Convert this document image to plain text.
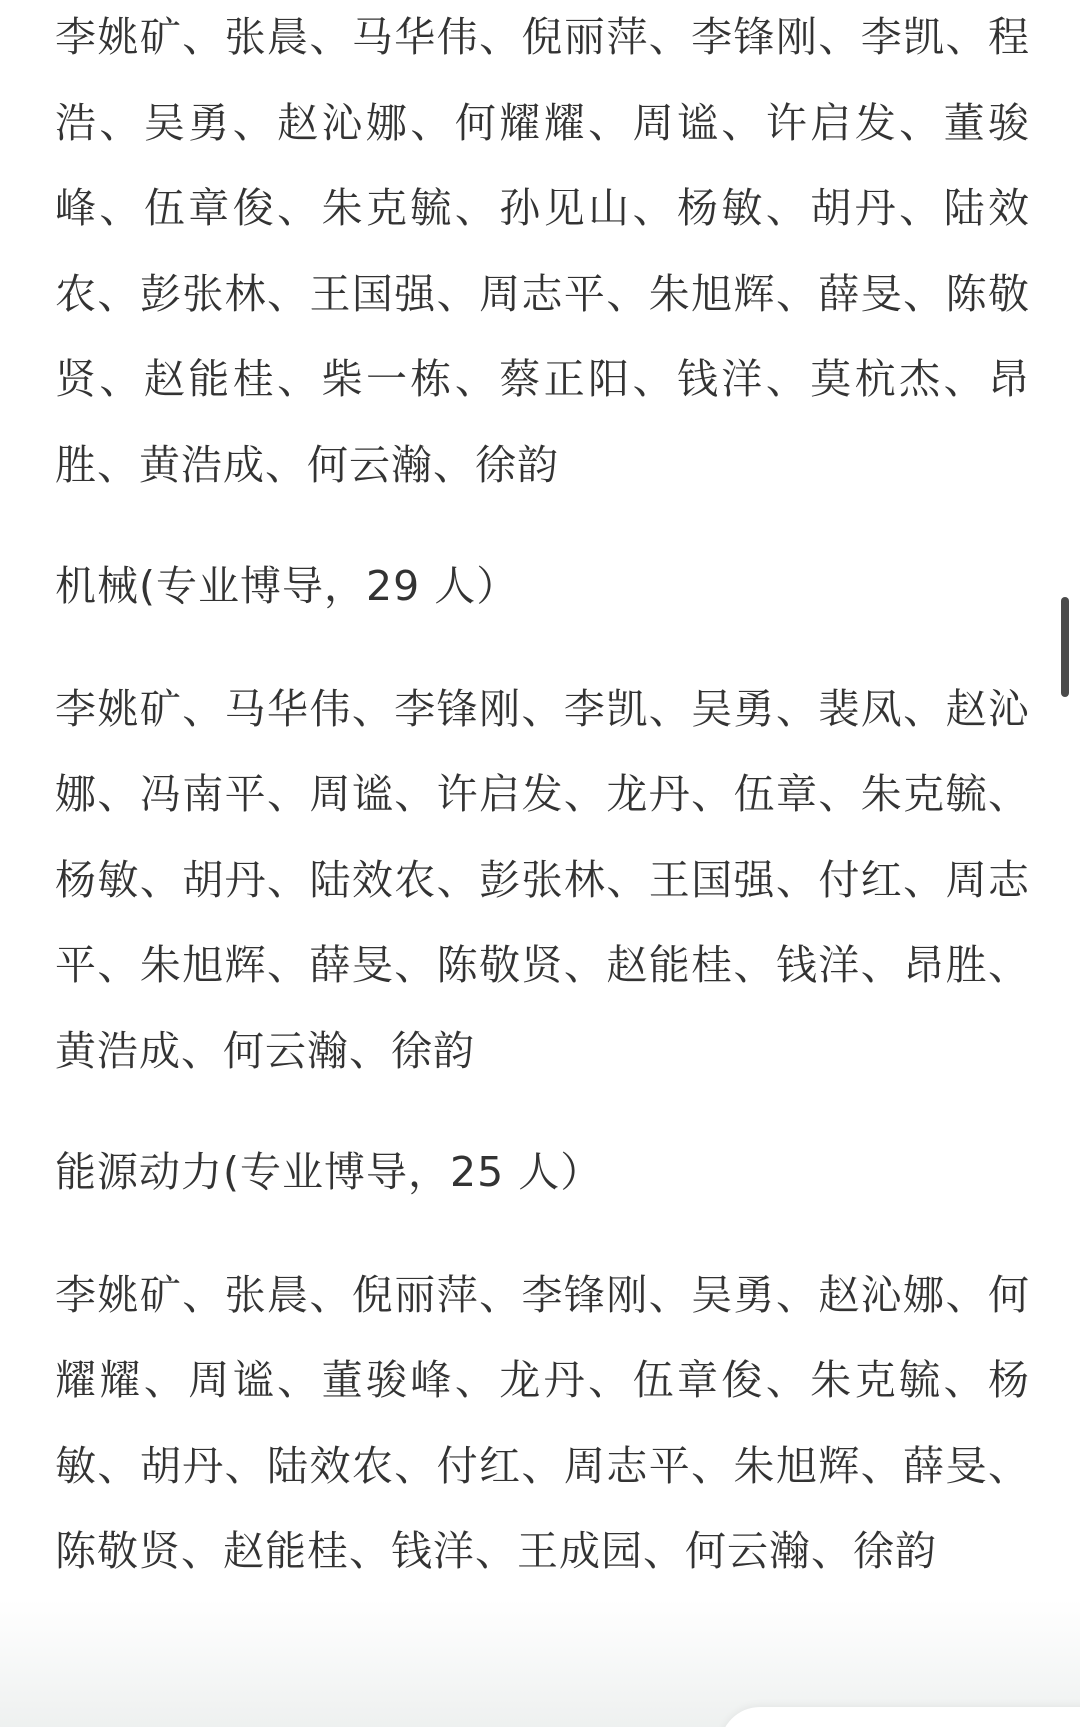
李姚矿、张晨、马华伟、倪丽萍、李锋刚、李凯、程浩、吴勇、赵沁娜、何耀耀、周谧、许启发、董骏峰、伍章俊、朱克毓、孙见山、杨敏、胡丹、陆效农、彭张林、王国强、周志平、朱旭辉、薛旻、陈敬贤、赵能桂、柴一栋、蔡正阳、钱洋、莫杭杰、昂胜、黄浩成、何云瀚、徐韵

机械(专业博导，29 人）

李姚矿、马华伟、李锋刚、李凯、吴勇、裴凤、赵沁娜、冯南平、周谧、许启发、龙丹、伍章、朱克毓、杨敏、胡丹、陆效农、彭张林、王国强、付红、周志平、朱旭辉、薛旻、陈敬贤、赵能桂、钱洋、昂胜、黄浩成、何云瀚、徐韵

能源动力(专业博导，25 人）

李姚矿、张晨、倪丽萍、李锋刚、吴勇、赵沁娜、何耀耀、周谧、董骏峰、龙丹、伍章俊、朱克毓、杨敏、胡丹、陆效农、付红、周志平、朱旭辉、薛旻、陈敬贤、赵能桂、钱洋、王成园、何云瀚、徐韵
